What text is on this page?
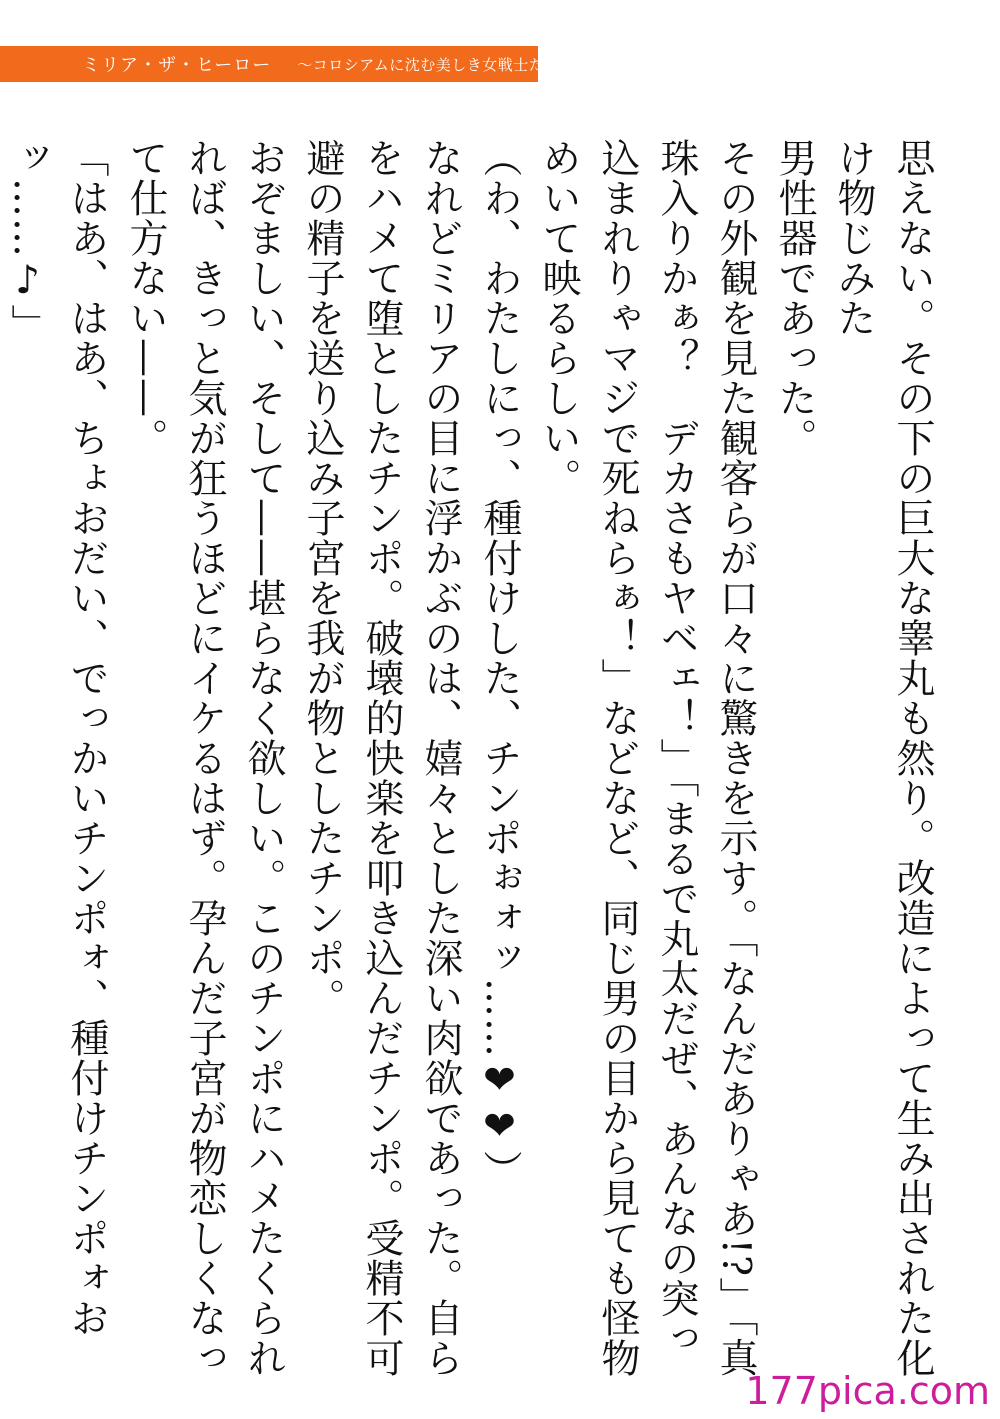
ミリア・ザ・ヒーロー 〜コロシアムに沈む美しき女戦士たち〜

思えない。その下の巨大な睾丸も然り。改造によって生み出された化け物じみた

男性器であった。

その外観を見た観客らが口々に驚きを示す。「なんだありゃあ!?」「真珠入りかぁ？　デカさもヤベェ！」「まるで丸太だぜ、あんなの突っ込まれりゃマジで死ねらぁ！」などなど、同じ男の目から見ても怪物めいて映るらしい。

（わ、わたしにっ、種付けした、チンポぉォッ……❤❤）

なれどミリアの目に浮かぶのは、嬉々とした深い肉欲であった。自らをハメて堕としたチンポ。破壊的快楽を叩き込んだチンポ。受精不可避の精子を送り込み子宮を我が物としたチンポ。

おぞましい、そして——堪らなく欲しい。このチンポにハメたくられれば、きっと気が狂うほどにイケるはず。孕んだ子宮が物恋しくなって仕方ない——。

「はあ、はあ、ちょおだい、でっかいチンポォ、種付けチンポォおッ……♪」

177pica.com
